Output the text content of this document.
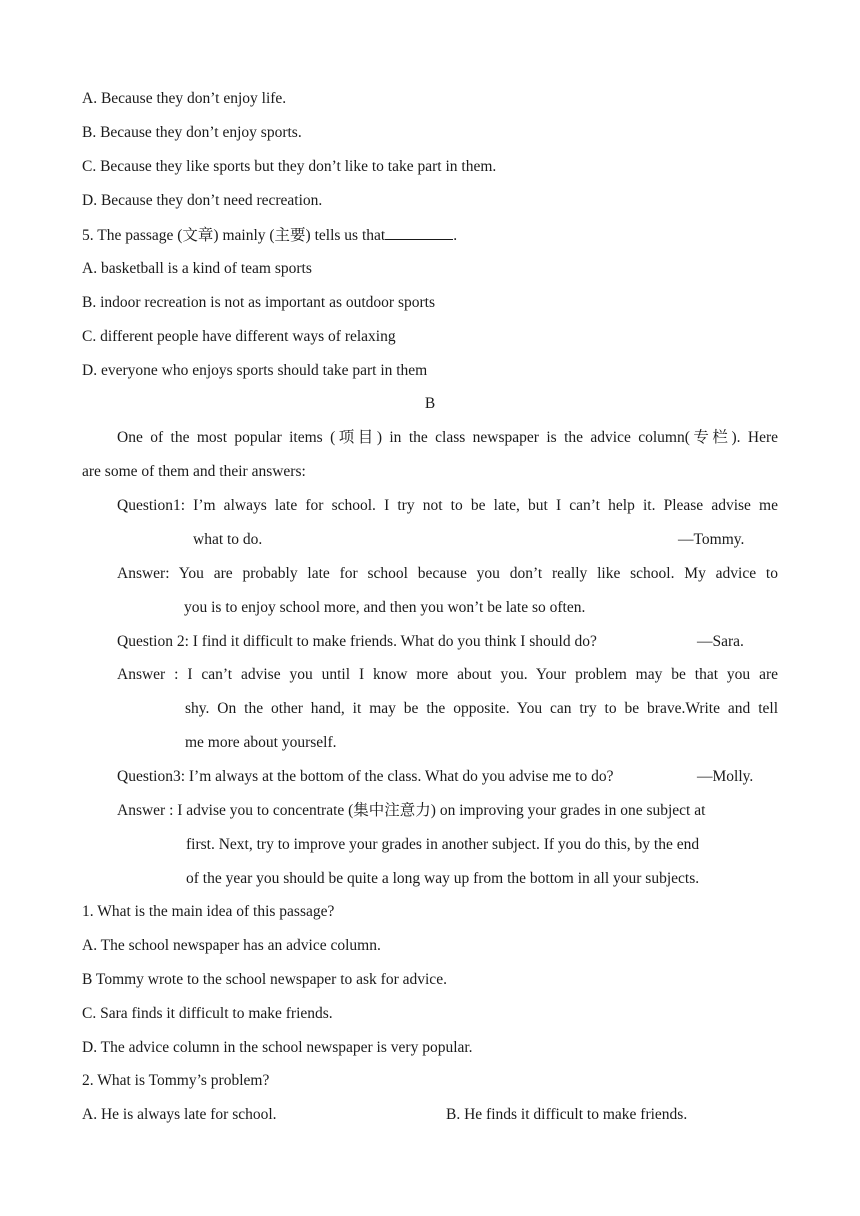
A. Because they don’t enjoy life.
B. Because they don’t enjoy sports.
C. Because they like sports but they don’t like to take part in them.
D. Because they don’t need recreation.
5. The passage (文章) mainly (主要) tells us that	.
A. basketball is a kind of team sports
B. indoor recreation is not as important as outdoor sports
C. different people have different ways of relaxing
D. everyone who enjoys sports should take part in them
B
One of the most popular items (项目) in the class newspaper is the advice column(专栏). Here
are some of them and their answers:
Question1: I’m always late for school. I try not to be late, but I can’t help it. Please advise me
what to do.	—Tommy.
Answer: You are probably late for school because you don’t really like school. My advice to
you is to enjoy school more, and then you won’t be late so often.
Question 2: I find it difficult to make friends. What do you think I should do?	—Sara.
Answer : I can’t advise you until I know more about you. Your problem may be that you are
shy. On the other hand, it may be the opposite. You can try to be brave.Write and tell
me more about yourself.
Question3: I’m always at the bottom of the class. What do you advise me to do?	—Molly.
Answer : I advise you to concentrate (集中注意力) on improving your grades in one subject at
first. Next, try to improve your grades in another subject. If you do this, by the end
of the year you should be quite a long way up from the bottom in all your subjects.
1. What is the main idea of this passage?
A. The school newspaper has an advice column.
B Tommy wrote to the school newspaper to ask for advice.
C. Sara finds it difficult to make friends.
D. The advice column in the school newspaper is very popular.
2. What is Tommy’s problem?
A. He is always late for school.	B. He finds it difficult to make friends.
